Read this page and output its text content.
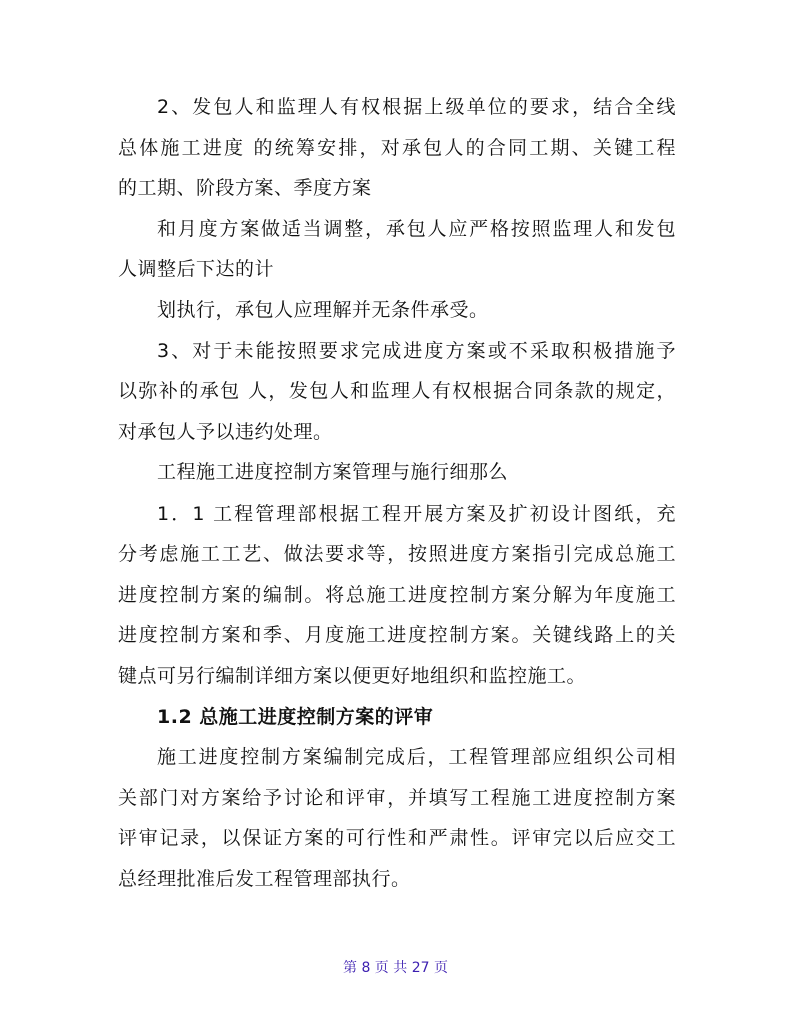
2、发包人和监理人有权根据上级单位的要求，结合全线
总体施工进度 的统筹安排，对承包人的合同工期、关键工程
的工期、阶段方案、季度方案
和月度方案做适当调整，承包人应严格按照监理人和发包
人调整后下达的计
划执行，承包人应理解并无条件承受。
3、对于未能按照要求完成进度方案或不采取积极措施予
以弥补的承包 人，发包人和监理人有权根据合同条款的规定，
对承包人予以违约处理。
工程施工进度控制方案管理与施行细那么
1．1 工程管理部根据工程开展方案及扩初设计图纸，充
分考虑施工工艺、做法要求等，按照进度方案指引完成总施工
进度控制方案的编制。将总施工进度控制方案分解为年度施工
进度控制方案和季、月度施工进度控制方案。关键线路上的关
键点可另行编制详细方案以便更好地组织和监控施工。
1.2 总施工进度控制方案的评审
施工进度控制方案编制完成后，工程管理部应组织公司相
关部门对方案给予讨论和评审，并填写工程施工进度控制方案
评审记录，以保证方案的可行性和严肃性。评审完以后应交工
总经理批准后发工程管理部执行。
第 8 页 共 27 页
